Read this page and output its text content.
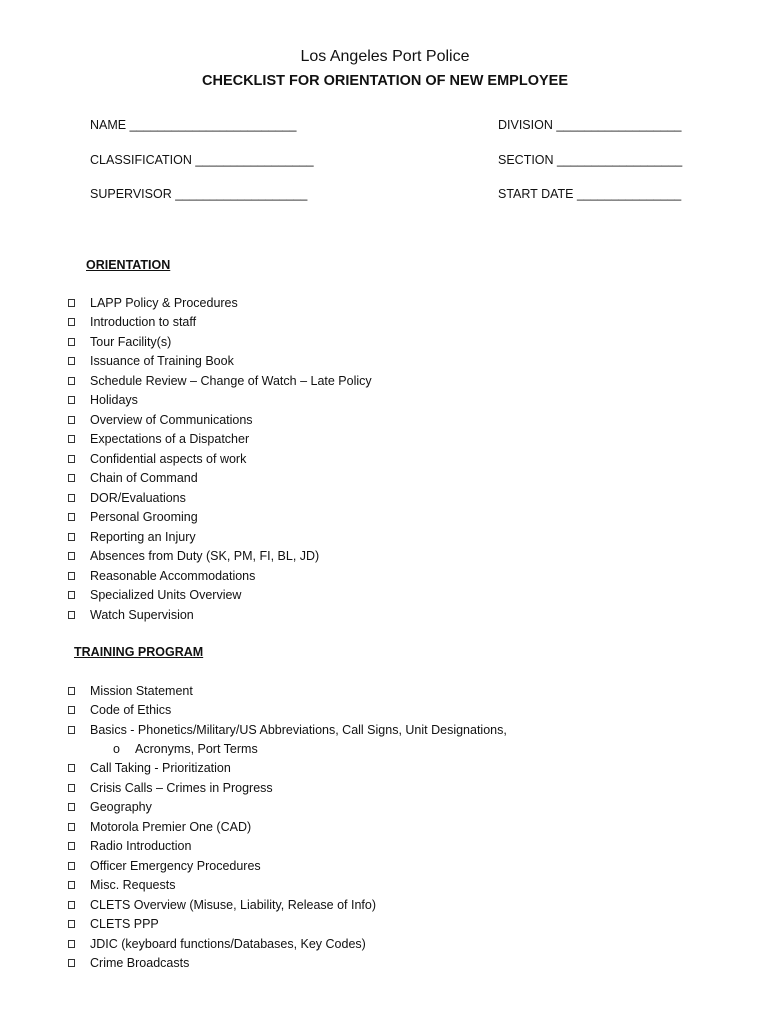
Los Angeles Port Police
CHECKLIST FOR ORIENTATION OF NEW EMPLOYEE
NAME ________________________	DIVISION __________________
CLASSIFICATION _________________	SECTION __________________
SUPERVISOR ___________________	START DATE _______________
ORIENTATION
LAPP Policy & Procedures
Introduction to staff
Tour Facility(s)
Issuance of Training Book
Schedule Review – Change of Watch – Late Policy
Holidays
Overview of Communications
Expectations of a Dispatcher
Confidential aspects of work
Chain of Command
DOR/Evaluations
Personal Grooming
Reporting an Injury
Absences from Duty (SK, PM, FI, BL, JD)
Reasonable Accommodations
Specialized Units Overview
Watch Supervision
TRAINING PROGRAM
Mission Statement
Code of Ethics
Basics - Phonetics/Military/US Abbreviations, Call Signs, Unit Designations,
o	Acronyms, Port Terms
Call Taking - Prioritization
Crisis Calls – Crimes in Progress
Geography
Motorola Premier One (CAD)
Radio Introduction
Officer Emergency Procedures
Misc. Requests
CLETS Overview (Misuse, Liability, Release of Info)
CLETS PPP
JDIC (keyboard functions/Databases, Key Codes)
Crime Broadcasts
